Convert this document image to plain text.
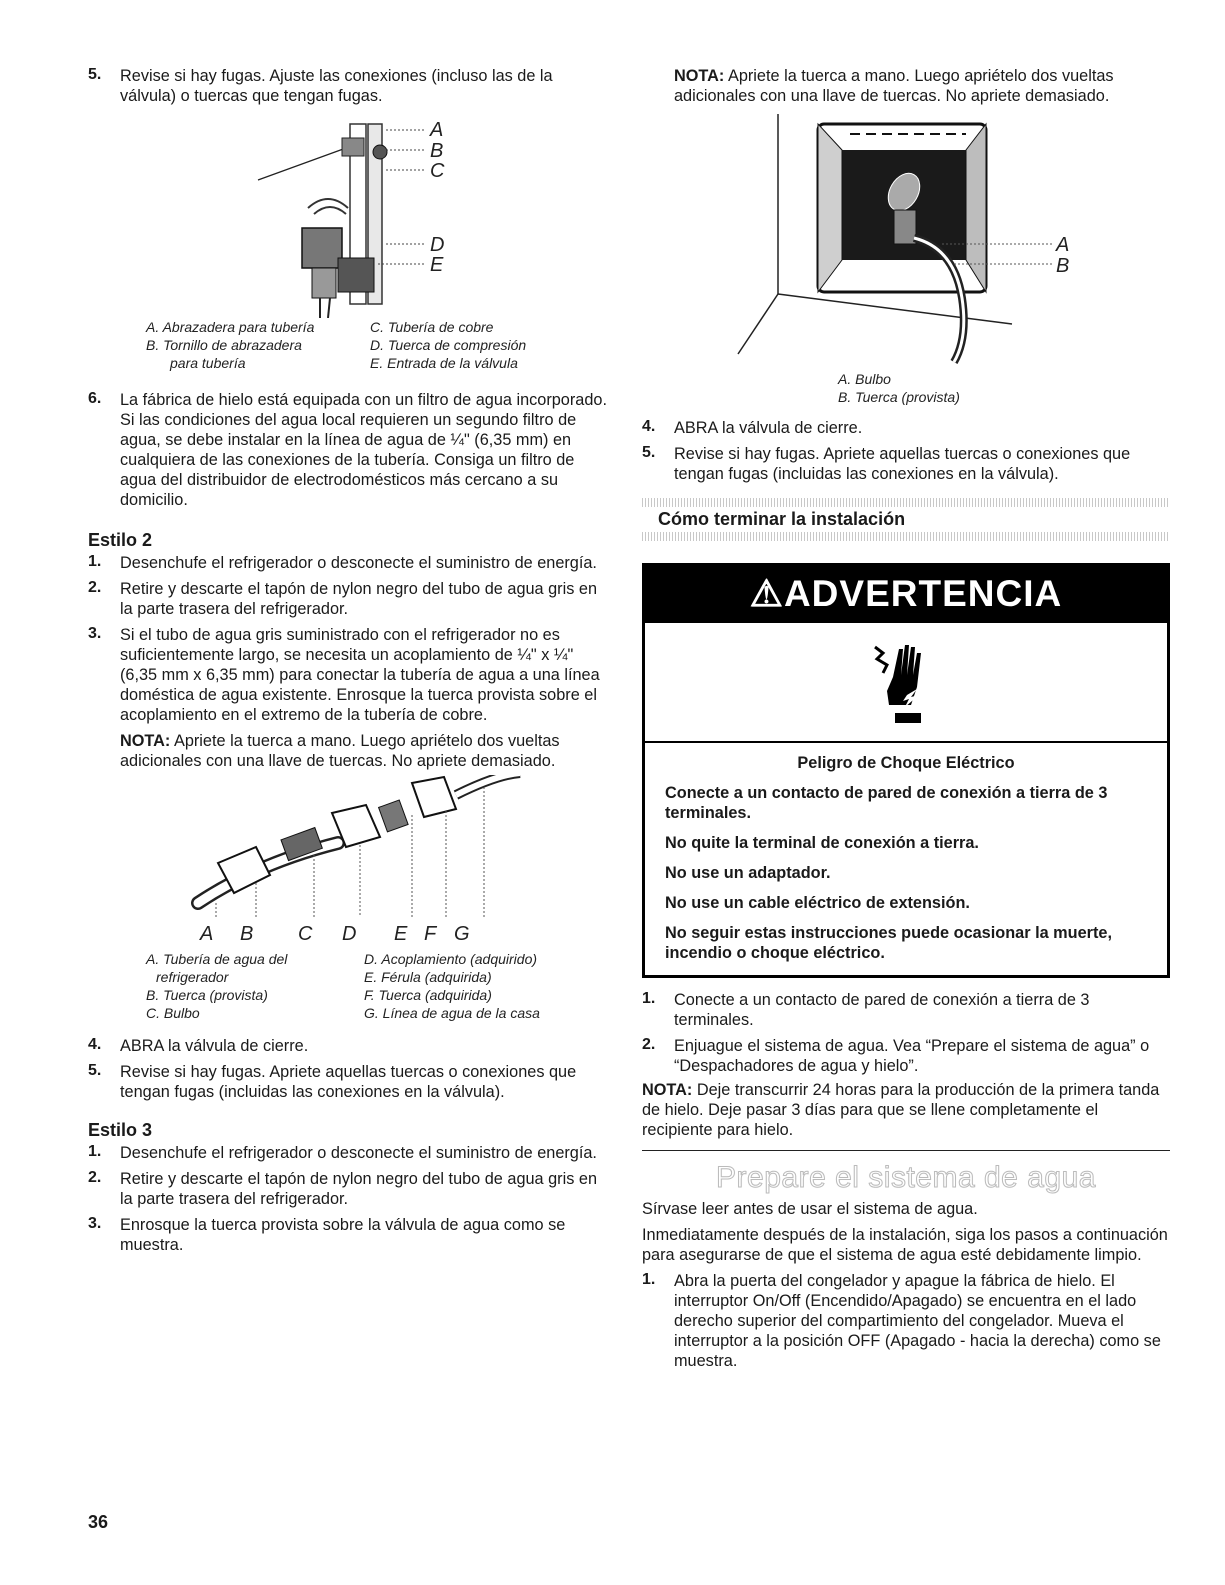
5. Revise si hay fugas. Ajuste las conexiones (incluso las de la válvula) o tuercas que tengan fugas.

A
B
C
D
E
A. Abrazadera para tubería	C. Tubería de cobre
B. Tornillo de abrazadera	D. Tuerca de compresión
para tubería	E. Entrada de la válvula
6. La fábrica de hielo está equipada con un filtro de agua incorporado. Si las condiciones del agua local requieren un segundo filtro de agua, se debe instalar en la línea de agua de ¼" (6,35 mm) en cualquiera de las conexiones de la tubería. Consiga un filtro de agua del distribuidor de electrodomésticos más cercano a su domicilio.

Estilo 2
1. Desenchufe el refrigerador o desconecte el suministro de energía.

2. Retire y descarte el tapón de nylon negro del tubo de agua gris en la parte trasera del refrigerador.

3. Si el tubo de agua gris suministrado con el refrigerador no es suficientemente largo, se necesita un acoplamiento de ¼" x ¼" (6,35 mm x 6,35 mm) para conectar la tubería de agua a una línea doméstica de agua existente. Enrosque la tuerca provista sobre el acoplamiento en el extremo de la tubería de cobre.

NOTA: Apriete la tuerca a mano. Luego apriételo dos vueltas adicionales con una llave de tuercas. No apriete demasiado.

A	B	C	D	E F G
A. Tubería de agua del	D. Acoplamiento (adquirido)
refrigerador	E. Férula (adquirida)
B. Tuerca (provista)	F. Tuerca (adquirida)
C. Bulbo	G. Línea de agua de la casa
4. ABRA la válvula de cierre.

5. Revise si hay fugas. Apriete aquellas tuercas o conexiones que tengan fugas (incluidas las conexiones en la válvula).

Estilo 3
1. Desenchufe el refrigerador o desconecte el suministro de energía.

2. Retire y descarte el tapón de nylon negro del tubo de agua gris en la parte trasera del refrigerador.

3. Enrosque la tuerca provista sobre la válvula de agua como se muestra.

NOTA: Apriete la tuerca a mano. Luego apriételo dos vueltas adicionales con una llave de tuercas. No apriete demasiado.

A
B
A. Bulbo
B. Tuerca (provista)
4. ABRA la válvula de cierre.

5. Revise si hay fugas. Apriete aquellas tuercas o conexiones que tengan fugas (incluidas las conexiones en la válvula).

Cómo terminar la instalación
⚠ADVERTENCIA
Peligro de Choque Eléctrico

Conecte a un contacto de pared de conexión a tierra de 3 terminales.

No quite la terminal de conexión a tierra.

No use un adaptador.

No use un cable eléctrico de extensión.

No seguir estas instrucciones puede ocasionar la muerte, incendio o choque eléctrico.

1. Conecte a un contacto de pared de conexión a tierra de 3 terminales.

2. Enjuague el sistema de agua. Vea “Prepare el sistema de agua” o “Despachadores de agua y hielo”.

NOTA: Deje transcurrir 24 horas para la producción de la primera tanda de hielo. Deje pasar 3 días para que se llene completamente el recipiente para hielo.

Prepare el sistema de agua

Sírvase leer antes de usar el sistema de agua.

Inmediatamente después de la instalación, siga los pasos a continuación para asegurarse de que el sistema de agua esté debidamente limpio.

1. Abra la puerta del congelador y apague la fábrica de hielo. El interruptor On/Off (Encendido/Apagado) se encuentra en el lado derecho superior del compartimiento del congelador. Mueva el interruptor a la posición OFF (Apagado - hacia la derecha) como se muestra.

36
